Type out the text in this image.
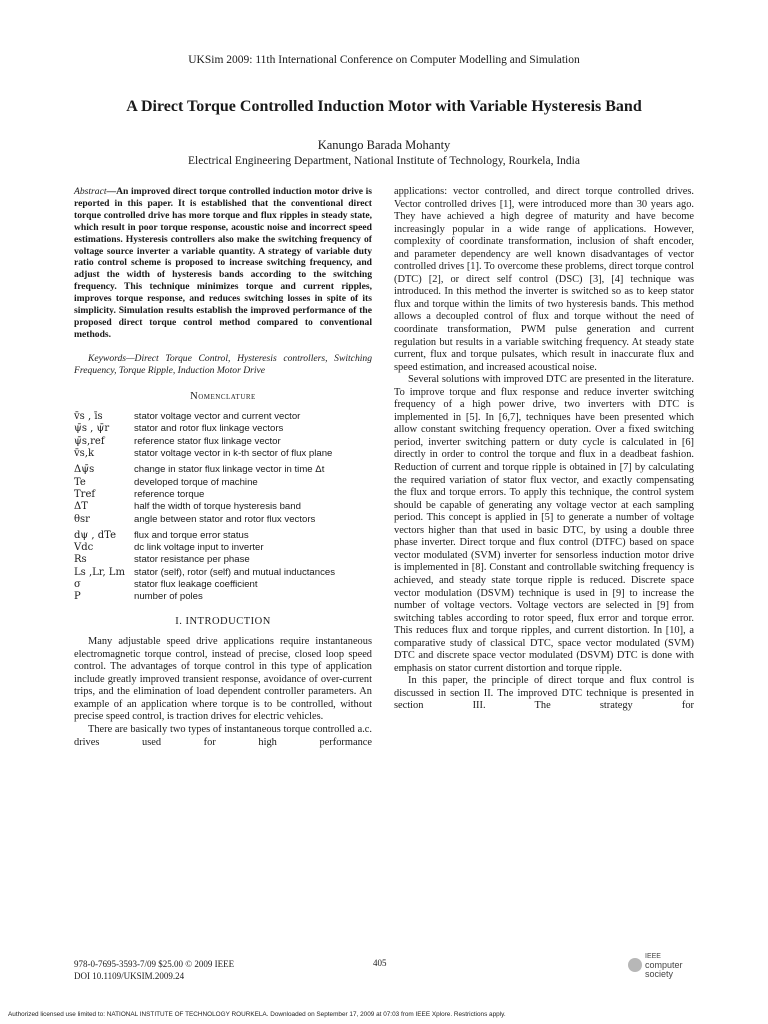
UKSim 2009: 11th International Conference on Computer Modelling and Simulation
A Direct Torque Controlled Induction Motor with Variable Hysteresis Band
Kanungo Barada Mohanty
Electrical Engineering Department, National Institute of Technology, Rourkela, India
Abstract—An improved direct torque controlled induction motor drive is reported in this paper. It is established that the conventional direct torque controlled drive has more torque and flux ripples in steady state, which result in poor torque response, acoustic noise and incorrect speed estimations. Hysteresis controllers also make the switching frequency of voltage source inverter a variable quantity. A strategy of variable duty ratio control scheme is proposed to increase switching frequency, and adjust the width of hysteresis bands according to the switching frequency. This technique minimizes torque and current ripples, improves torque response, and reduces switching losses in spite of its simplicity. Simulation results establish the improved performance of the proposed direct torque control method compared to conventional methods.
Keywords—Direct Torque Control, Hysteresis controllers, Switching Frequency, Torque Ripple, Induction Motor Drive
Nomenclature
v̄s , īs	stator voltage vector and current vector
ψ̄s , ψ̄r	stator and rotor flux linkage vectors
ψ̄s,ref	reference stator flux linkage vector
v̄s,k	stator voltage vector in k-th sector of flux plane
Δψ̄s	change in stator flux linkage vector in time Δt
Te	developed torque of machine
Tref	reference torque
ΔT	half the width of torque hysteresis band
θsr	angle between stator and rotor flux vectors
dψ , dTe	flux and torque error status
Vdc	dc link voltage input to inverter
Rs	stator resistance per phase
Ls ,Lr, Lm	stator (self), rotor (self) and mutual inductances
σ	stator flux leakage coefficient
P	number of poles
I. INTRODUCTION

Many adjustable speed drive applications require instantaneous electromagnetic torque control, instead of precise, closed loop speed control. The advantages of torque control in this type of application include greatly improved transient response, avoidance of over-current trips, and the elimination of load dependent controller parameters. An example of an application where torque is to be controlled, without precise speed control, is traction drives for electric vehicles.

There are basically two types of instantaneous torque controlled a.c. drives used for high performance

applications: vector controlled, and direct torque controlled drives. Vector controlled drives [1], were introduced more than 30 years ago. They have achieved a high degree of maturity and have become increasingly popular in a wide range of applications. However, complexity of coordinate transformation, inclusion of shaft encoder, and parameter dependency are well known disadvantages of vector controlled drives [1]. To overcome these problems, direct torque control (DTC) [2], or direct self control (DSC) [3], [4] technique was introduced. In this method the inverter is switched so as to keep stator flux and torque within the limits of two hysteresis bands. This method allows a decoupled control of flux and torque without the need of coordinate transformation, PWM pulse generation and current regulation but results in a variable switching frequency. At steady state current, flux and torque pulsates, which result in inaccurate flux and speed estimation, and increased acoustical noise.

Several solutions with improved DTC are presented in the literature. To improve torque and flux response and reduce inverter switching frequency of a high power drive, two inverters with DTC is implemented in [5]. In [6,7], techniques have been presented which allow constant switching frequency operation. Over a fixed switching period, inverter switching pattern or duty cycle is calculated in [6] directly in order to control the torque and flux in a deadbeat fashion. Reduction of current and torque ripple is obtained in [7] by calculating the required variation of stator flux vector, and exactly compensating the flux and torque errors. To apply this technique, the control system should be capable of generating any voltage vector at each sampling period. This concept is applied in [5] to generate a number of voltage vectors higher than that used in basic DTC, by using a double three phase inverter. Direct torque and flux control (DTFC) based on space vector modulated (SVM) inverter for sensorless induction motor drive is implemented in [8]. Constant and controllable switching frequency is achieved, and steady state torque ripple is reduced. Discrete space vector modulation (DSVM) technique is used in [9] to increase the number of voltage vectors. Voltage vectors are selected in [9] from switching tables according to rotor speed, flux error and torque error. This reduces flux and torque ripples, and current distortion. In [10], a comparative study of classical DTC, space vector modulated (SVM) DTC and discrete space vector modulated (DSVM) DTC is done with emphasis on stator current distortion and torque ripple.

In this paper, the principle of direct torque and flux control is discussed in section II. The improved DTC technique is presented in section III. The strategy for

978-0-7695-3593-7/09 $25.00 © 2009 IEEE
DOI 10.1109/UKSIM.2009.24
405
IEEE
computer
society
Authorized licensed use limited to: NATIONAL INSTITUTE OF TECHNOLOGY ROURKELA. Downloaded on September 17, 2009 at 07:03 from IEEE Xplore. Restrictions apply.
